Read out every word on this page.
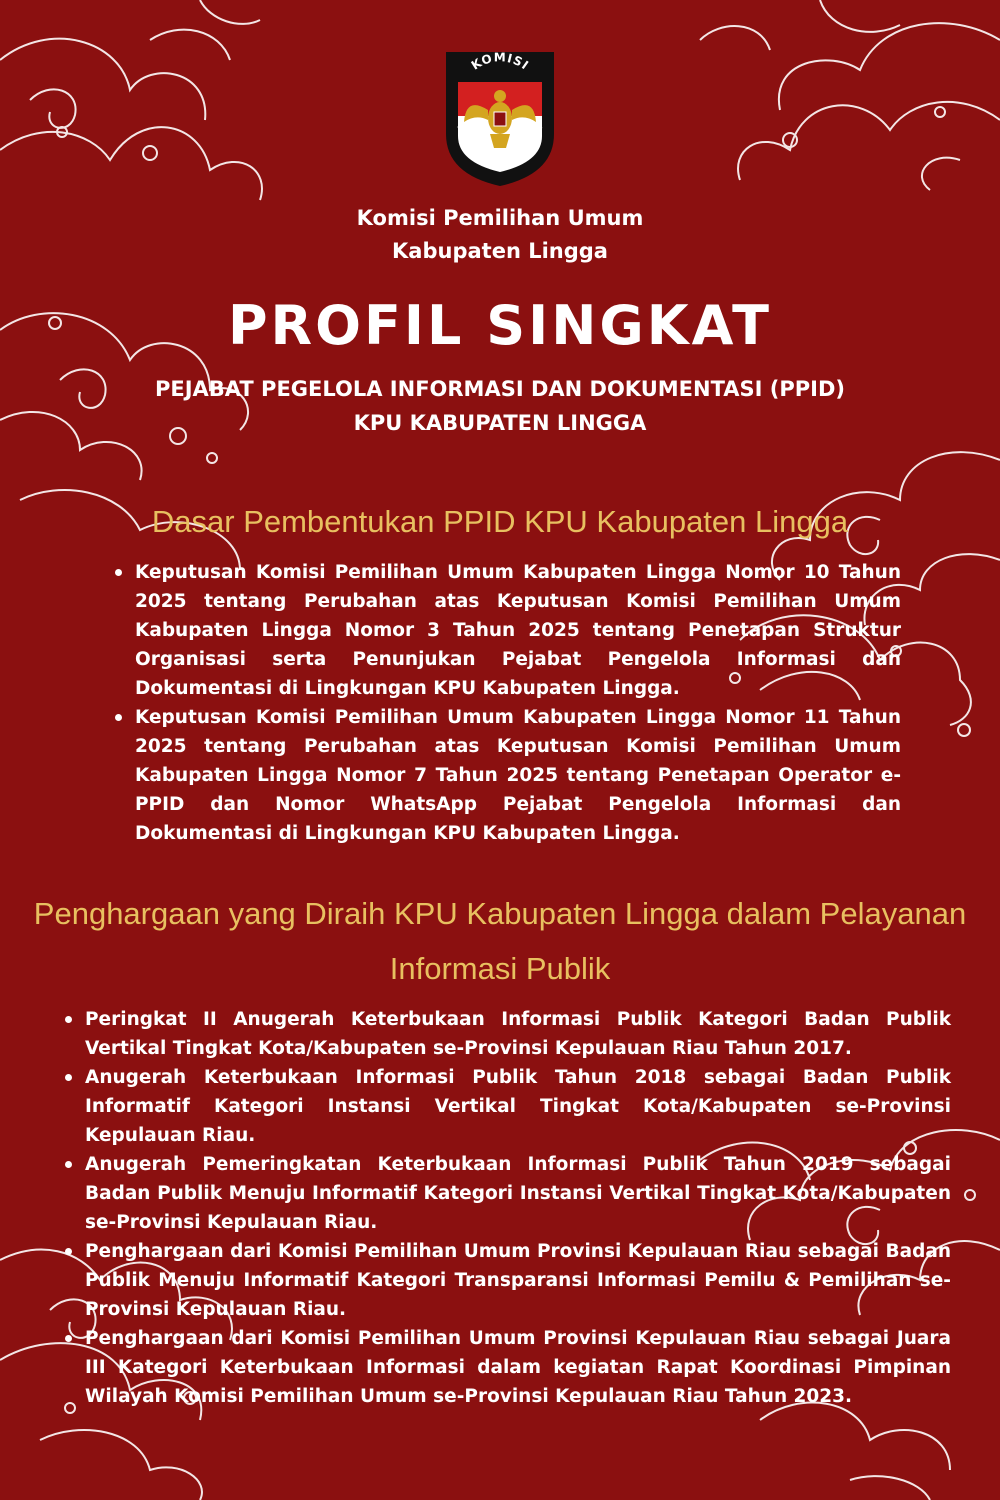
KOMISI
PEMILIHAN UMUM
Komisi Pemilihan Umum
Kabupaten Lingga
PROFIL SINGKAT
PEJABAT PEGELOLA INFORMASI DAN DOKUMENTASI (PPID)
KPU KABUPATEN LINGGA
Dasar Pembentukan PPID KPU Kabupaten Lingga
Keputusan Komisi Pemilihan Umum Kabupaten Lingga Nomor 10 Tahun 2025 tentang Perubahan atas Keputusan Komisi Pemilihan Umum Kabupaten Lingga Nomor 3 Tahun 2025 tentang Penetapan Struktur Organisasi serta Penunjukan Pejabat Pengelola Informasi dan Dokumentasi di Lingkungan KPU Kabupaten Lingga.
Keputusan Komisi Pemilihan Umum Kabupaten Lingga Nomor 11 Tahun 2025 tentang Perubahan atas Keputusan Komisi Pemilihan Umum Kabupaten Lingga Nomor 7 Tahun 2025 tentang Penetapan Operator e-PPID dan Nomor WhatsApp Pejabat Pengelola Informasi dan Dokumentasi di Lingkungan KPU Kabupaten Lingga.
Penghargaan yang Diraih KPU Kabupaten Lingga dalam Pelayanan
Informasi Publik
Peringkat II Anugerah Keterbukaan Informasi Publik Kategori Badan Publik Vertikal Tingkat Kota/Kabupaten se-Provinsi Kepulauan Riau Tahun 2017.
Anugerah Keterbukaan Informasi Publik Tahun 2018 sebagai Badan Publik Informatif Kategori Instansi Vertikal Tingkat Kota/Kabupaten se-Provinsi Kepulauan Riau.
Anugerah Pemeringkatan Keterbukaan Informasi Publik Tahun 2019 sebagai Badan Publik Menuju Informatif Kategori Instansi Vertikal Tingkat Kota/Kabupaten se-Provinsi Kepulauan Riau.
Penghargaan dari Komisi Pemilihan Umum Provinsi Kepulauan Riau sebagai Badan Publik Menuju Informatif Kategori Transparansi Informasi Pemilu & Pemilihan se-Provinsi Kepulauan Riau.
Penghargaan dari Komisi Pemilihan Umum Provinsi Kepulauan Riau sebagai Juara III Kategori Keterbukaan Informasi dalam kegiatan Rapat Koordinasi Pimpinan Wilayah Komisi Pemilihan Umum se-Provinsi Kepulauan Riau Tahun 2023.
